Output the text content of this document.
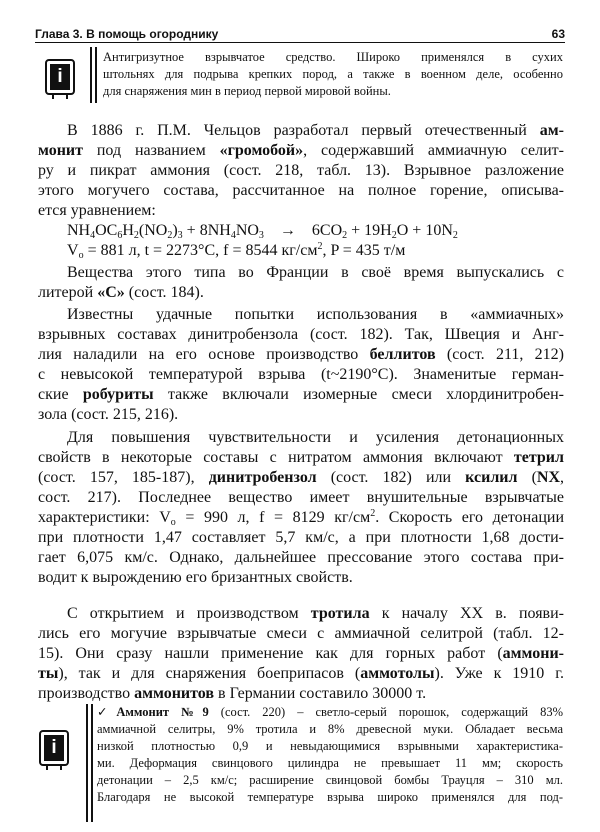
Глава 3. В помощь огороднику	63
i
Антигризутное взрывчатое средство. Широко применялся в сухих
штольнях для подрыва крепких пород, а также в военном деле, особенно
для снаряжения мин в период первой мировой войны.
В 1886 г. П.М. Чельцов разработал первый отечественный ам-
монит под названием «громобой», содержавший аммиачную селит-
ру и пикрат аммония (сост. 218, табл. 13). Взрывное разложение
этого могучего состава, рассчитанное на полное горение, описыва-
ется уравнением:
$NH_4OC_6H_2(NO_2)_3 + 8NH_4NO_3 \to 6CO_2 + 19H_2O + 10N_2$
$V_o = 881$ л, t = 2273°C, f = 8544 $кг/см^2$, P = 435 т/м
Вещества этого типа во Франции в своё время выпускались с
литерой «С» (сост. 184).
Известны удачные попытки использования в «аммиачных»
взрывных составах динитробензола (сост. 182). Так, Швеция и Анг-
лия наладили на его основе производство беллитов (сост. 211, 212)
с невысокой температурой взрыва (t~2190°C). Знаменитые герман-
ские робуриты также включали изомерные смеси хлординитробен-
зола (сост. 215, 216).
Для повышения чувствительности и усиления детонационных
свойств в некоторые составы с нитратом аммония включают тетрил
(сост. 157, 185-187), динитробензол (сост. 182) или ксилил (NX,
сост. 217). Последнее вещество имеет внушительные взрывчатые
характеристики: $V_o = 990$ л, f = 8129 $кг/см^2$. Скорость его детонации
при плотности 1,47 составляет 5,7 км/с, а при плотности 1,68 дости-
гает 6,075 км/с. Однако, дальнейшее прессование этого состава при-
водит к вырождению его бризантных свойств.
С открытием и производством тротила к началу XX в. появи-
лись его могучие взрывчатые смеси с аммиачной селитрой (табл. 12-
15). Они сразу нашли применение как для горных работ (аммони-
ты), так и для снаряжения боеприпасов (аммотолы). Уже к 1910 г.
производство аммонитов в Германии составило 30000 т.
i
✓Аммонит №9 (сост. 220) – светло-серый порошок, содержащий 83%
аммиачной селитры, 9% тротила и 8% древесной муки. Обладает весьма
низкой плотностью 0,9 и невыдающимися взрывными характеристика-
ми. Деформация свинцового цилиндра не превышает 11 мм; скорость
детонации – 2,5 км/с; расширение свинцовой бомбы Трауцля – 310 мл.
Благодаря не высокой температуре взрыва широко применялся для под-
